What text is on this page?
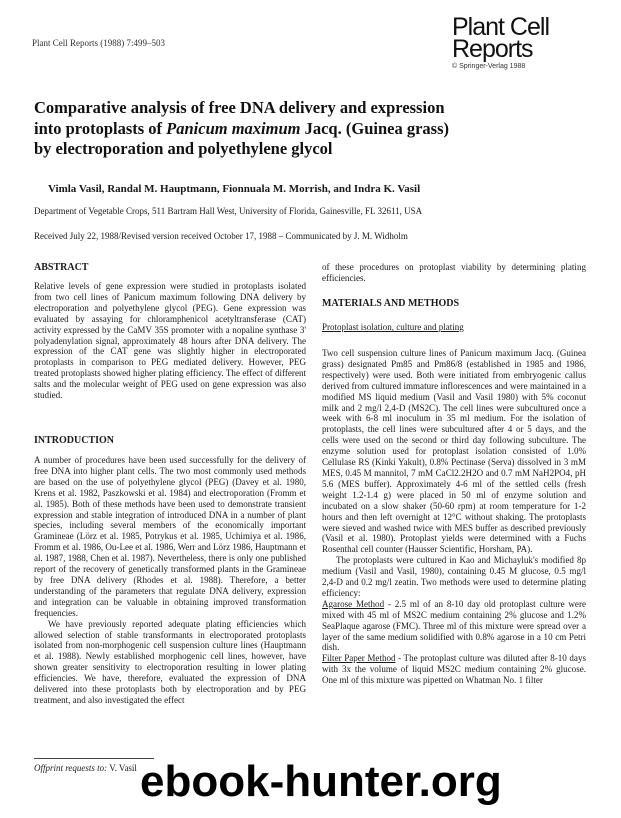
Plant Cell Reports (1988) 7:499–503
Plant Cell
Reports
© Springer-Verlag 1988
Comparative analysis of free DNA delivery and expression
into protoplasts of Panicum maximum Jacq. (Guinea grass)
by electroporation and polyethylene glycol
Vimla Vasil, Randal M. Hauptmann, Fionnuala M. Morrish, and Indra K. Vasil
Department of Vegetable Crops, 511 Bartram Hall West, University of Florida, Gainesville, FL 32611, USA
Received July 22, 1988/Revised version received October 17, 1988 – Communicated by J. M. Widholm
ABSTRACT

Relative levels of gene expression were studied in protoplasts isolated from two cell lines of Panicum maximum following DNA delivery by electroporation and polyethylene glycol (PEG). Gene expression was evaluated by assaying for chloramphenicol acetyltransferase (CAT) activity expressed by the CaMV 35S promoter with a nopaline synthase 3' polyadenylation signal, approximately 48 hours after DNA delivery. The expression of the CAT gene was slightly higher in electroporated protoplasts in comparison to PEG mediated delivery. However, PEG treated protoplasts showed higher plating efficiency. The effect of different salts and the molecular weight of PEG used on gene expression was also studied.

INTRODUCTION

A number of procedures have been used successfully for the delivery of free DNA into higher plant cells. The two most commonly used methods are based on the use of polyethylene glycol (PEG) (Davey et al. 1980, Krens et al. 1982, Paszkowski et al. 1984) and electroporation (Fromm et al. 1985). Both of these methods have been used to demonstrate transient expression and stable integration of introduced DNA in a number of plant species, including several members of the economically important Gramineae (Lörz et al. 1985, Potrykus et al. 1985, Uchimiya et al. 1986, Fromm et al. 1986, Ou-Lee et al. 1986, Werr and Lörz 1986, Hauptmann et al. 1987, 1988, Chen et al. 1987). Nevertheless, there is only one published report of the recovery of genetically transformed plants in the Gramineae by free DNA delivery (Rhodes et al. 1988). Therefore, a better understanding of the parameters that regulate DNA delivery, expression and integration can be valuable in obtaining improved transformation frequencies.

We have previously reported adequate plating efficiencies which allowed selection of stable transformants in electroporated protoplasts isolated from non-morphogenic cell suspension culture lines (Hauptmann et al. 1988). Newly established morphogenic cell lines, however, have shown greater sensitivity to electroporation resulting in lower plating efficiencies. We have, therefore, evaluated the expression of DNA delivered into these protoplasts both by electroporation and by PEG treatment, and also investigated the effect

of these procedures on protoplast viability by determining plating efficiencies.

MATERIALS AND METHODS
Protoplast isolation, culture and plating

Two cell suspension culture lines of Panicum maximum Jacq. (Guinea grass) designated Pm85 and Pm86/8 (established in 1985 and 1986, respectively) were used. Both were initiated from embryogenic callus derived from cultured immature inflorescences and were maintained in a modified MS liquid medium (Vasil and Vasil 1980) with 5% coconut milk and 2 mg/l 2,4-D (MS2C). The cell lines were subcultured once a week with 6-8 ml inoculum in 35 ml medium. For the isolation of protoplasts, the cell lines were subcultured after 4 or 5 days, and the cells were used on the second or third day following subculture. The enzyme solution used for protoplast isolation consisted of 1.0% Cellulase RS (Kinki Yakult), 0.8% Pectinase (Serva) dissolved in 3 mM MES, 0.45 M mannitol, 7 mM CaCl2.2H2O and 0.7 mM NaH2PO4, pH 5.6 (MES buffer). Approximately 4-6 ml of the settled cells (fresh weight 1.2-1.4 g) were placed in 50 ml of enzyme solution and incubated on a slow shaker (50-60 rpm) at room temperature for 1-2 hours and then left overnight at 12°C without shaking. The protoplasts were sieved and washed twice with MES buffer as described previously (Vasil et al. 1980). Protoplast yields were determined with a Fuchs Rosenthal cell counter (Hausser Scientific, Horsham, PA).

The protoplasts were cultured in Kao and Michayluk's modified 8p medium (Vasil and Vasil, 1980), containing 0.45 M glucose, 0.5 mg/l 2,4-D and 0.2 mg/l zeatin. Two methods were used to determine plating efficiency:

Agarose Method - 2.5 ml of an 8-10 day old protoplast culture were mixed with 45 ml of MS2C medium containing 2% glucose and 1.2% SeaPlaque agarose (FMC). Three ml of this mixture were spread over a layer of the same medium solidified with 0.8% agarose in a 10 cm Petri dish.

Filter Paper Method - The protoplast culture was diluted after 8-10 days with 3x the volume of liquid MS2C medium containing 2% glucose. One ml of this mixture was pipetted on Whatman No. 1 filter

Offprint requests to: V. Vasil ebook-hunter.org
